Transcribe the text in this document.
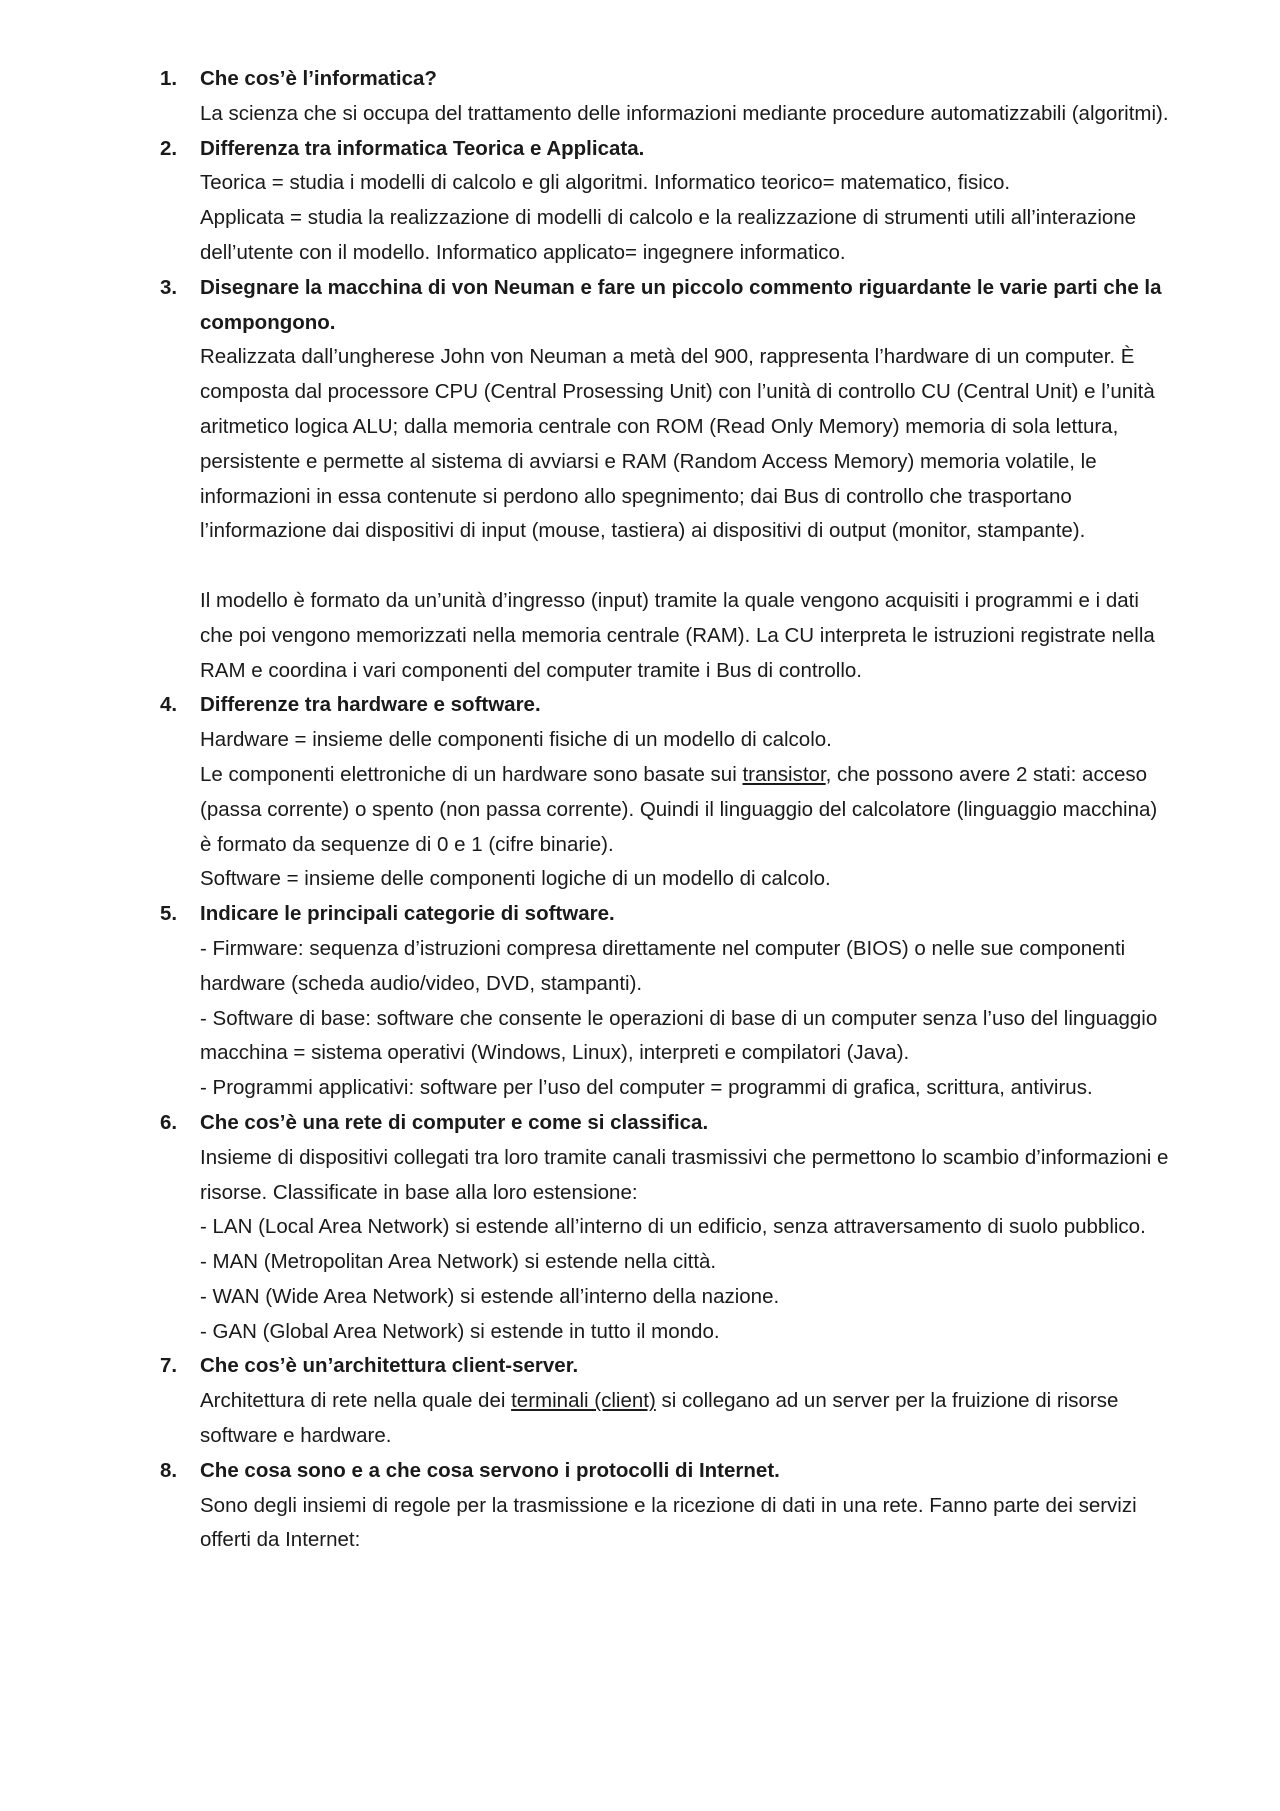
1. Che cos’è l’informatica?
La scienza che si occupa del trattamento delle informazioni mediante procedure automatizzabili (algoritmi).
2. Differenza tra informatica Teorica e Applicata.
Teorica = studia i modelli di calcolo e gli algoritmi. Informatico teorico= matematico, fisico.
Applicata = studia la realizzazione di modelli di calcolo e la realizzazione di strumenti utili all’interazione dell’utente con il modello. Informatico applicato= ingegnere informatico.
3. Disegnare la macchina di von Neuman e fare un piccolo commento riguardante le varie parti che la compongono.
Realizzata dall’ungherese John von Neuman a metà del 900, rappresenta l’hardware di un computer. È composta dal processore CPU (Central Prosessing Unit) con l’unità di controllo CU (Central Unit) e l’unità aritmetico logica ALU; dalla memoria centrale con ROM (Read Only Memory) memoria di sola lettura, persistente e permette al sistema di avviarsi e RAM (Random Access Memory) memoria volatile, le informazioni in essa contenute si perdono allo spegnimento; dai Bus di controllo che trasportano l’informazione dai dispositivi di input (mouse, tastiera) ai dispositivi di output (monitor, stampante).
Il modello è formato da un’unità d’ingresso (input) tramite la quale vengono acquisiti i programmi e i dati che poi vengono memorizzati nella memoria centrale (RAM). La CU interpreta le istruzioni registrate nella RAM e coordina i vari componenti del computer tramite i Bus di controllo.
4. Differenze tra hardware e software.
Hardware = insieme delle componenti fisiche di un modello di calcolo.
Le componenti elettroniche di un hardware sono basate sui transistor, che possono avere 2 stati: acceso (passa corrente) o spento (non passa corrente). Quindi il linguaggio del calcolatore (linguaggio macchina) è formato da sequenze di 0 e 1 (cifre binarie).
Software = insieme delle componenti logiche di un modello di calcolo.
5. Indicare le principali categorie di software.
- Firmware: sequenza d’istruzioni compresa direttamente nel computer (BIOS) o nelle sue componenti hardware (scheda audio/video, DVD, stampanti).
- Software di base: software che consente le operazioni di base di un computer senza l’uso del linguaggio macchina = sistema operativi (Windows, Linux), interpreti e compilatori (Java).
- Programmi applicativi: software per l’uso del computer = programmi di grafica, scrittura, antivirus.
6. Che cos’è una rete di computer e come si classifica.
Insieme di dispositivi collegati tra loro tramite canali trasmissivi che permettono lo scambio d’informazioni e risorse. Classificate in base alla loro estensione:
- LAN (Local Area Network) si estende all’interno di un edificio, senza attraversamento di suolo pubblico.
- MAN (Metropolitan Area Network) si estende nella città.
- WAN (Wide Area Network) si estende all’interno della nazione.
- GAN (Global Area Network) si estende in tutto il mondo.
7. Che cos’è un’architettura client-server.
Architettura di rete nella quale dei terminali (client) si collegano ad un server per la fruizione di risorse software e hardware.
8. Che cosa sono e a che cosa servono i protocolli di Internet.
Sono degli insiemi di regole per la trasmissione e la ricezione di dati in una rete. Fanno parte dei servizi offerti da Internet:
